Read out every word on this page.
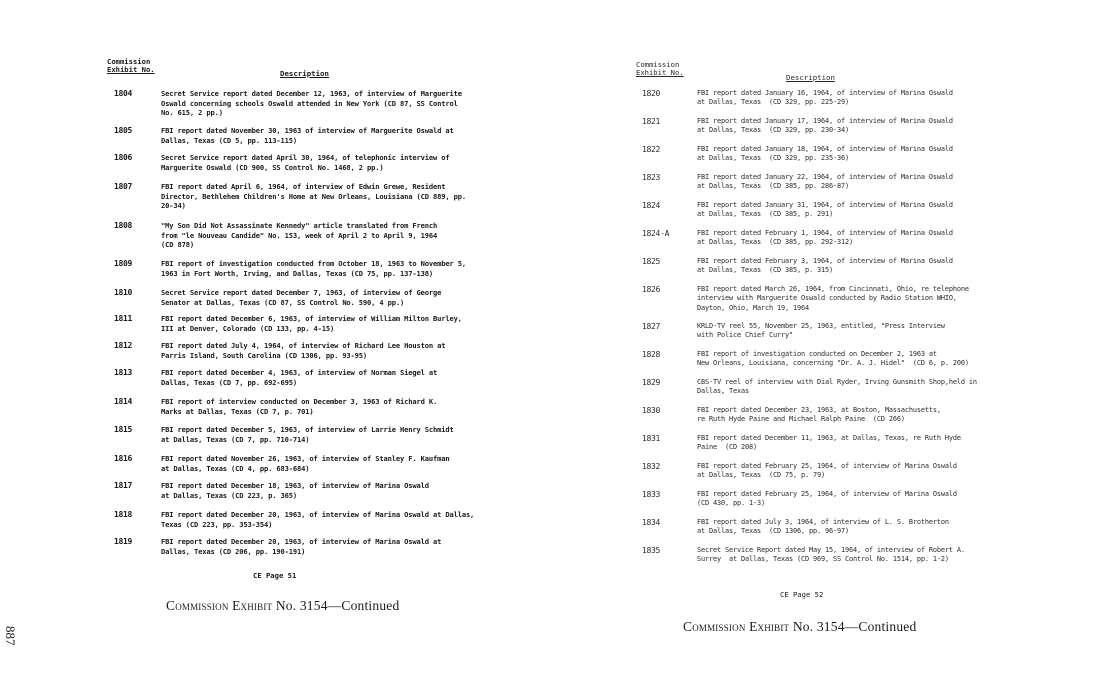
Commission
Exhibit No.	Description
1804	Secret Service report dated December 12, 1963, of interview of Marguerite
Oswald concerning schools Oswald attended in New York (CD 87, SS Control
No. 615, 2 pp.)
1805	FBI report dated November 30, 1963 of interview of Marguerite Oswald at
Dallas, Texas (CD 5, pp. 113-115)
1806	Secret Service report dated April 30, 1964, of telephonic interview of
Marguerite Oswald (CD 900, SS Control No. 1468, 2 pp.)
1807	FBI report dated April 6, 1964, of interview of Edwin Grewe, Resident
Director, Bethlehem Children's Home at New Orleans, Louisiana (CD 889, pp.
20-34)
1808	"My Son Did Not Assassinate Kennedy" article translated from French
from "le Nouveau Candide" No. 153, week of April 2 to April 9, 1964
(CD 878)
1809	FBI report of investigation conducted from October 18, 1963 to November 5,
1963 in Fort Worth, Irving, and Dallas, Texas (CD 75, pp. 137-138)
1810	Secret Service report dated December 7, 1963, of interview of George
Senator at Dallas, Texas (CD 87, SS Control No. 590, 4 pp.)
1811	FBI report dated December 6, 1963, of interview of William Milton Burley,
III at Denver, Colorado (CD 133, pp. 4-15)
1812	FBI report dated July 4, 1964, of interview of Richard Lee Houston at
Parris Island, South Carolina (CD 1306, pp. 93-95)
1813	FBI report dated December 4, 1963, of interview of Norman Siegel at
Dallas, Texas (CD 7, pp. 692-695)
1814	FBI report of interview conducted on December 3, 1963 of Richard K.
Marks at Dallas, Texas (CD 7, p. 701)
1815	FBI report dated December 5, 1963, of interview of Larrie Henry Schmidt
at Dallas, Texas (CD 7, pp. 710-714)
1816	FBI report dated November 26, 1963, of interview of Stanley F. Kaufman
at Dallas, Texas (CD 4, pp. 683-684)
1817	FBI report dated December 18, 1963, of interview of Marina Oswald
at Dallas, Texas (CD 223, p. 365)
1818	FBI report dated December 20, 1963, of interview of Marina Oswald at Dallas,
Texas (CD 223, pp. 353-354)
1819	FBI report dated December 20, 1963, of interview of Marina Oswald at
Dallas, Texas (CD 206, pp. 190-191)
CE Page 51
Commission Exhibit No. 3154—Continued
887
Commission
Exhibit No.
Description
1820	FBI report dated January 16, 1964, of interview of Marina Oswald
at Dallas, Texas  (CD 329, pp. 225-29)
1821	FBI report dated January 17, 1964, of interview of Marina Oswald
at Dallas, Texas  (CD 329, pp. 230-34)
1822	FBI report dated January 18, 1964, of interview of Marina Oswald
at Dallas, Texas  (CD 329, pp. 235-36)
1823	FBI report dated January 22, 1964, of interview of Marina Oswald
at Dallas, Texas  (CD 385, pp. 286-87)
1824	FBI report dated January 31, 1964, of interview of Marina Oswald
at Dallas, Texas  (CD 385, p. 291)
1824-A	FBI report dated February 1, 1964, of interview of Marina Oswald
at Dallas, Texas  (CD 385, pp. 292-312)
1825	FBI report dated February 3, 1964, of interview of Marina Oswald
at Dallas, Texas  (CD 385, p. 315)
1826	FBI report dated March 26, 1964, from Cincinnati, Ohio, re telephone
interview with Marguerite Oswald conducted by Radio Station WHIO,
Dayton, Ohio, March 19, 1964
1827	KRLD-TV reel 55, November 25, 1963, entitled, "Press Interview
with Police Chief Curry"
1828	FBI report of investigation conducted on December 2, 1963 at
New Orleans, Louisiana, concerning "Dr. A. J. Hidel"  (CD 6, p. 200)
1829	CBS-TV reel of interview with Dial Ryder, Irving Gunsmith Shop,held in
Dallas, Texas
1830	FBI report dated December 23, 1963, at Boston, Massachusetts,
re Ruth Hyde Paine and Michael Ralph Paine  (CD 266)
1831	FBI report dated December 11, 1963, at Dallas, Texas, re Ruth Hyde
Paine  (CD 208)
1832	FBI report dated February 25, 1964, of interview of Marina Oswald
at Dallas, Texas  (CD 75, p. 79)
1833	FBI report dated February 25, 1964, of interview of Marina Oswald
(CD 430, pp. 1-3)
1834	FBI report dated July 3, 1964, of interview of L. S. Brotherton
at Dallas, Texas  (CD 1306, pp. 96-97)
1835	Secret Service Report dated May 15, 1964, of interview of Robert A.
Surrey  at Dallas, Texas (CD 969, SS Control No. 1514, pp. 1-2)
CE Page 52
Commission Exhibit No. 3154—Continued
